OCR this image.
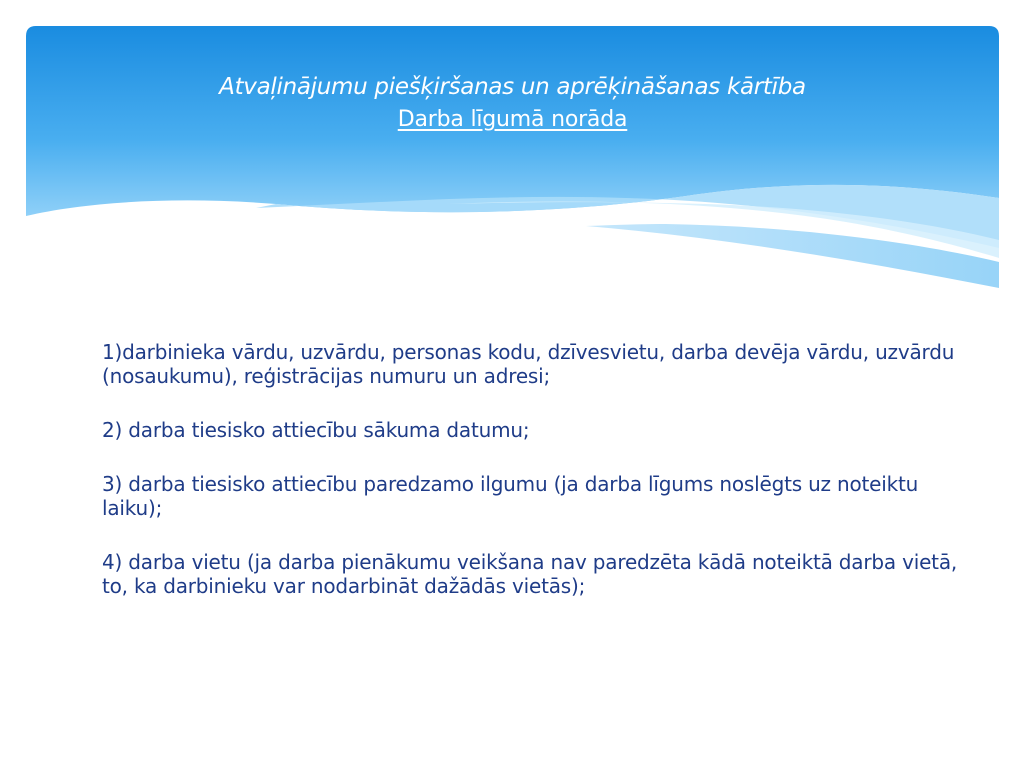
Atvaļinājumu piešķiršanas un aprēķināšanas kārtība
Darba līgumā norāda

1)darbinieka vārdu, uzvārdu, personas kodu, dzīvesvietu, darba devēja vārdu, uzvārdu (nosaukumu), reģistrācijas numuru un adresi;

2) darba tiesisko attiecību sākuma datumu;

3) darba tiesisko attiecību paredzamo ilgumu (ja darba līgums noslēgts uz noteiktu laiku);

4) darba vietu (ja darba pienākumu veikšana nav paredzēta kādā noteiktā darba vietā, to, ka darbinieku var nodarbināt dažādās vietās);
